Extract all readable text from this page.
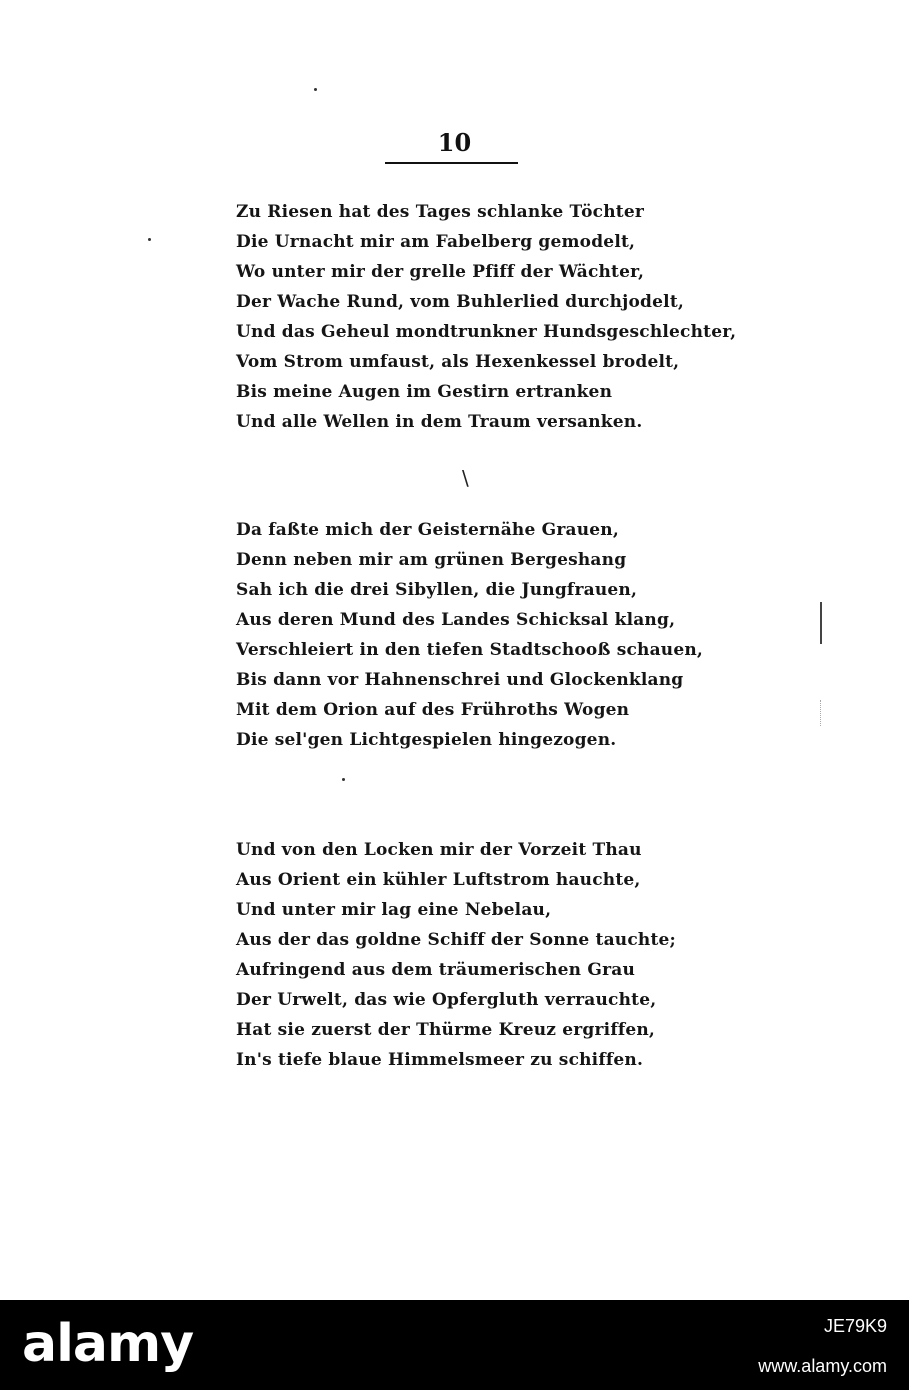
10
Zu Riesen hat des Tages schlanke Töchter
Die Urnacht mir am Fabelberg gemodelt,
Wo unter mir der grelle Pfiff der Wächter,
Der Wache Rund, vom Buhlerlied durchjodelt,
Und das Geheul mondtrunkner Hundsgeschlechter,
Vom Strom umfaust, als Hexenkessel brodelt,
Bis meine Augen im Gestirn ertranken
Und alle Wellen in dem Traum versanken.
\
Da faßte mich der Geisternähe Grauen,
Denn neben mir am grünen Bergeshang
Sah ich die drei Sibyllen, die Jungfrauen,
Aus deren Mund des Landes Schicksal klang,
Verschleiert in den tiefen Stadtschooß schauen,
Bis dann vor Hahnenschrei und Glockenklang
Mit dem Orion auf des Frühroths Wogen
Die sel'gen Lichtgespielen hingezogen.
Und von den Locken mir der Vorzeit Thau
Aus Orient ein kühler Luftstrom hauchte,
Und unter mir lag eine Nebelau,
Aus der das goldne Schiff der Sonne tauchte;
Aufringend aus dem träumerischen Grau
Der Urwelt, das wie Opfergluth verrauchte,
Hat sie zuerst der Thürme Kreuz ergriffen,
In's tiefe blaue Himmelsmeer zu schiffen.
alamy	JE79K9
www.alamy.com
